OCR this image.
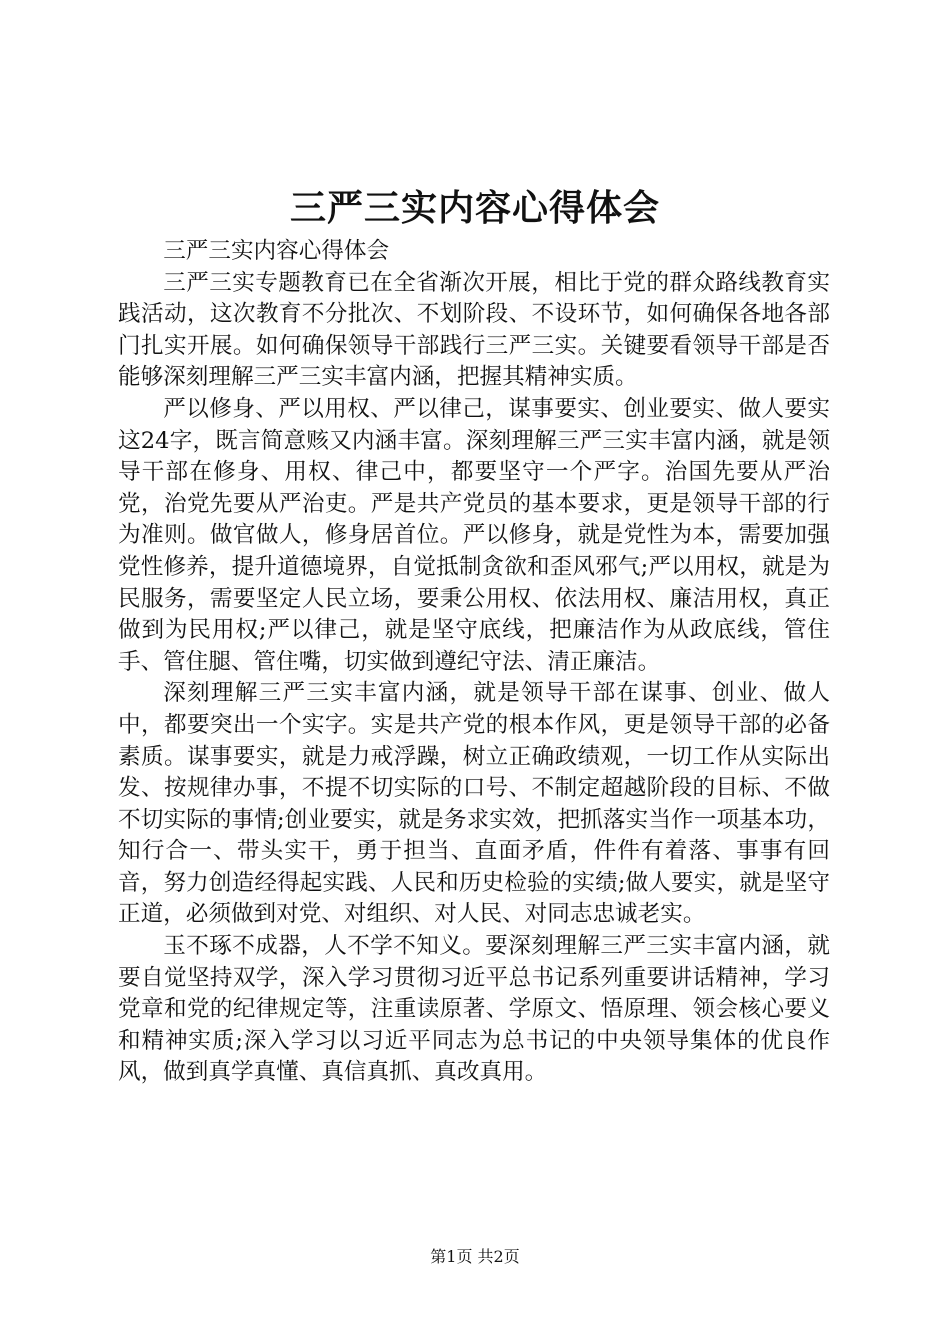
三严三实内容心得体会

三严三实内容心得体会

三严三实专题教育已在全省渐次开展，相比于党的群众路线教育实践活动，这次教育不分批次、不划阶段、不设环节，如何确保各地各部门扎实开展。如何确保领导干部践行三严三实。关键要看领导干部是否能够深刻理解三严三实丰富内涵，把握其精神实质。

严以修身、严以用权、严以律己，谋事要实、创业要实、做人要实这24字，既言简意赅又内涵丰富。深刻理解三严三实丰富内涵，就是领导干部在修身、用权、律己中，都要坚守一个严字。治国先要从严治党，治党先要从严治吏。严是共产党员的基本要求，更是领导干部的行为准则。做官做人，修身居首位。严以修身，就是党性为本，需要加强党性修养，提升道德境界，自觉抵制贪欲和歪风邪气;严以用权，就是为民服务，需要坚定人民立场，要秉公用权、依法用权、廉洁用权，真正做到为民用权;严以律己，就是坚守底线，把廉洁作为从政底线，管住手、管住腿、管住嘴，切实做到遵纪守法、清正廉洁。

深刻理解三严三实丰富内涵，就是领导干部在谋事、创业、做人中，都要突出一个实字。实是共产党的根本作风，更是领导干部的必备素质。谋事要实，就是力戒浮躁，树立正确政绩观，一切工作从实际出发、按规律办事，不提不切实际的口号、不制定超越阶段的目标、不做不切实际的事情;创业要实，就是务求实效，把抓落实当作一项基本功，知行合一、带头实干，勇于担当、直面矛盾，件件有着落、事事有回音，努力创造经得起实践、人民和历史检验的实绩;做人要实，就是坚守正道，必须做到对党、对组织、对人民、对同志忠诚老实。

玉不琢不成器，人不学不知义。要深刻理解三严三实丰富内涵，就要自觉坚持双学，深入学习贯彻习近平总书记系列重要讲话精神，学习党章和党的纪律规定等，注重读原著、学原文、悟原理、领会核心要义和精神实质;深入学习以习近平同志为总书记的中央领导集体的优良作风，做到真学真懂、真信真抓、真改真用。

第1页 共2页
